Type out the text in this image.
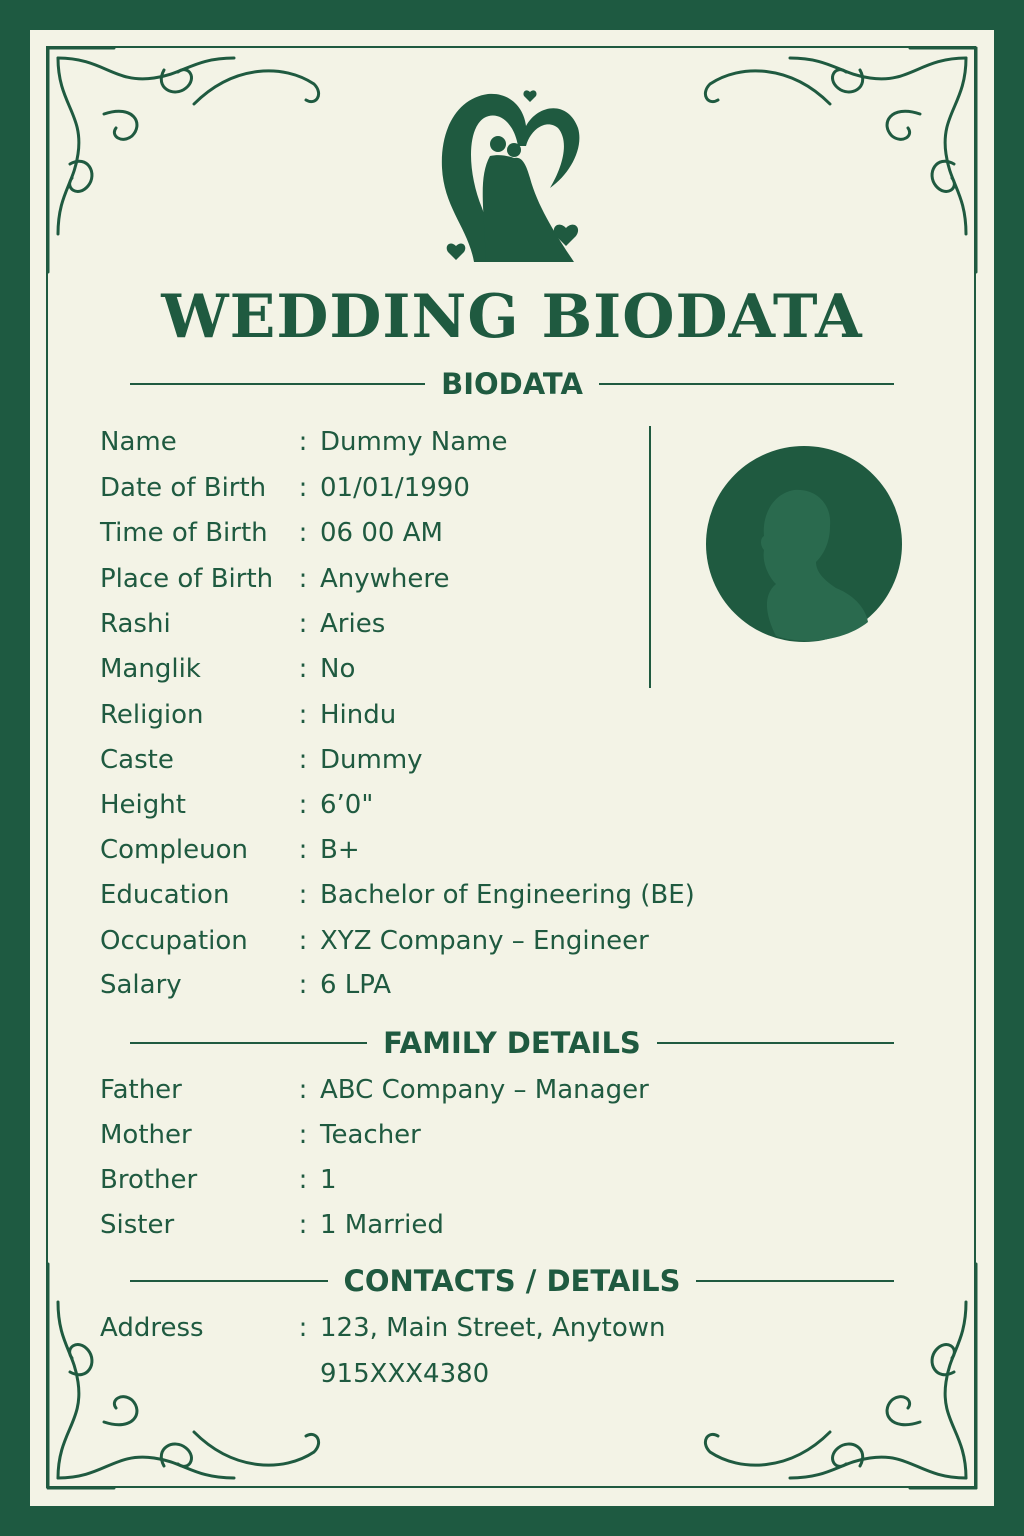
WEDDING BIODATA
BIODATA
Name	: Dummy Name
Date of Birth	: 01/01/1990
Time of Birth	: 06 00 AM
Place of Birth : Anywhere
Rashi	: Aries
Manglik	: No
Religion	: Hindu
Caste	: Dummy
Height	: 6’0"
Compleuon	: B+
Education	: Bachelor of Engineering (BE)
Occupation	: XYZ Company – Engineer
Salary	: 6 LPA
FAMILY DETAILS
Father	: ABC Company – Manager
Mother	: Teacher
Brother	: 1
Sister	: 1 Married
CONTACTS / DETAILS
Address	: 123, Main Street, Anytown
915XXX4380
